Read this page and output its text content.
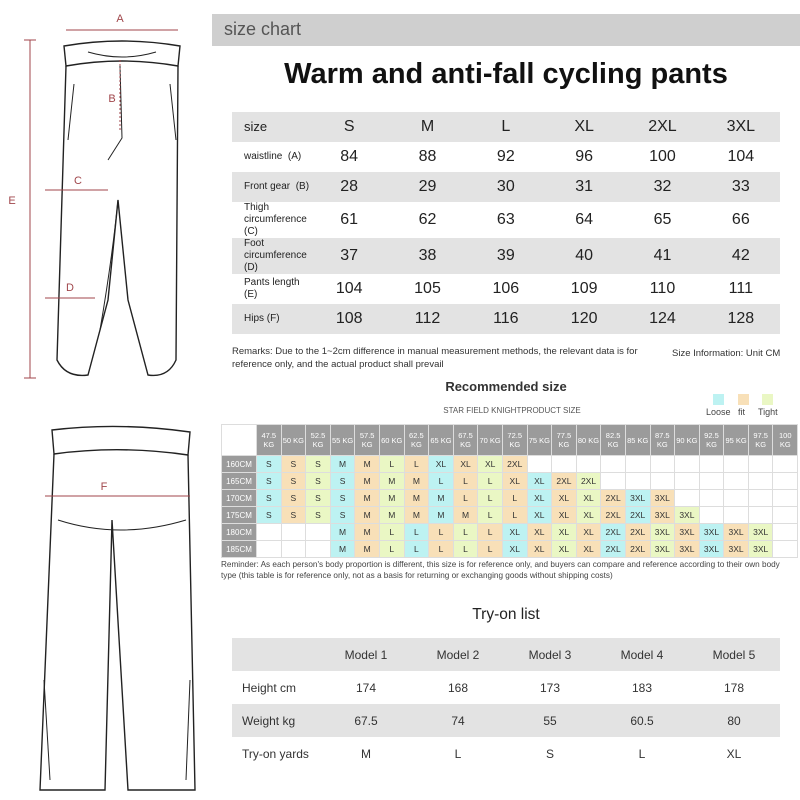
A
B
C
D
E
F
size chart
Warm and anti-fall cycling pants
size	S	M	L	XL	2XL	3XL
waistline  (A)	84	88	92	96	100	104
Front gear  (B)	28	29	30	31	32	33
Thigh circumference (C)	61	62	63	64	65	66
Foot circumference (D)	37	38	39	40	41	42
Pants length (E)	104	105	106	109	110	111
Hips (F)	108	112	116	120	124	128
Remarks: Due to the 1~2cm difference in manual measurement methods, the relevant data is for reference only, and the actual product shall prevail
Size Information: Unit CM
Recommended size
STAR FIELD KNIGHTPRODUCT SIZE	Loose fit	Tight
	47.5 KG	50 KG	52.5 KG	55 KG	57.5 KG	60 KG	62.5 KG	65 KG	67.5 KG	70 KG	72.5 KG	75 KG	77.5 KG	80 KG	82.5 KG	85 KG	87.5 KG	90 KG	92.5 KG	95 KG	97.5 KG	100 KG
160CM	S	S	S	M	M	L	L	XL	XL	XL	2XL											
165CM	S	S	S	S	M	M	M	L	L	L	XL	XL	2XL	2XL								
170CM	S	S	S	S	M	M	M	M	L	L	L	XL	XL	XL	2XL	3XL	3XL					
175CM	S	S	S	S	M	M	M	M	M	L	L	XL	XL	XL	2XL	2XL	3XL	3XL				
180CM				M	M	L	L	L	L	L	XL	XL	XL	XL	2XL	2XL	3XL	3XL	3XL	3XL	3XL	
185CM				M	M	L	L	L	L	L	XL	XL	XL	XL	2XL	2XL	3XL	3XL	3XL	3XL	3XL	
Reminder: As each person's body proportion is different, this size is for reference only, and buyers can compare and reference according to their own body type (this table is for reference only, not as a basis for returning or exchanging goods without shipping costs)
Try-on list
	Model 1	Model 2	Model 3	Model 4	Model 5
Height cm	174	168	173	183	178
Weight kg	67.5	74	55	60.5	80
Try-on yards	M	L	S	L	XL
